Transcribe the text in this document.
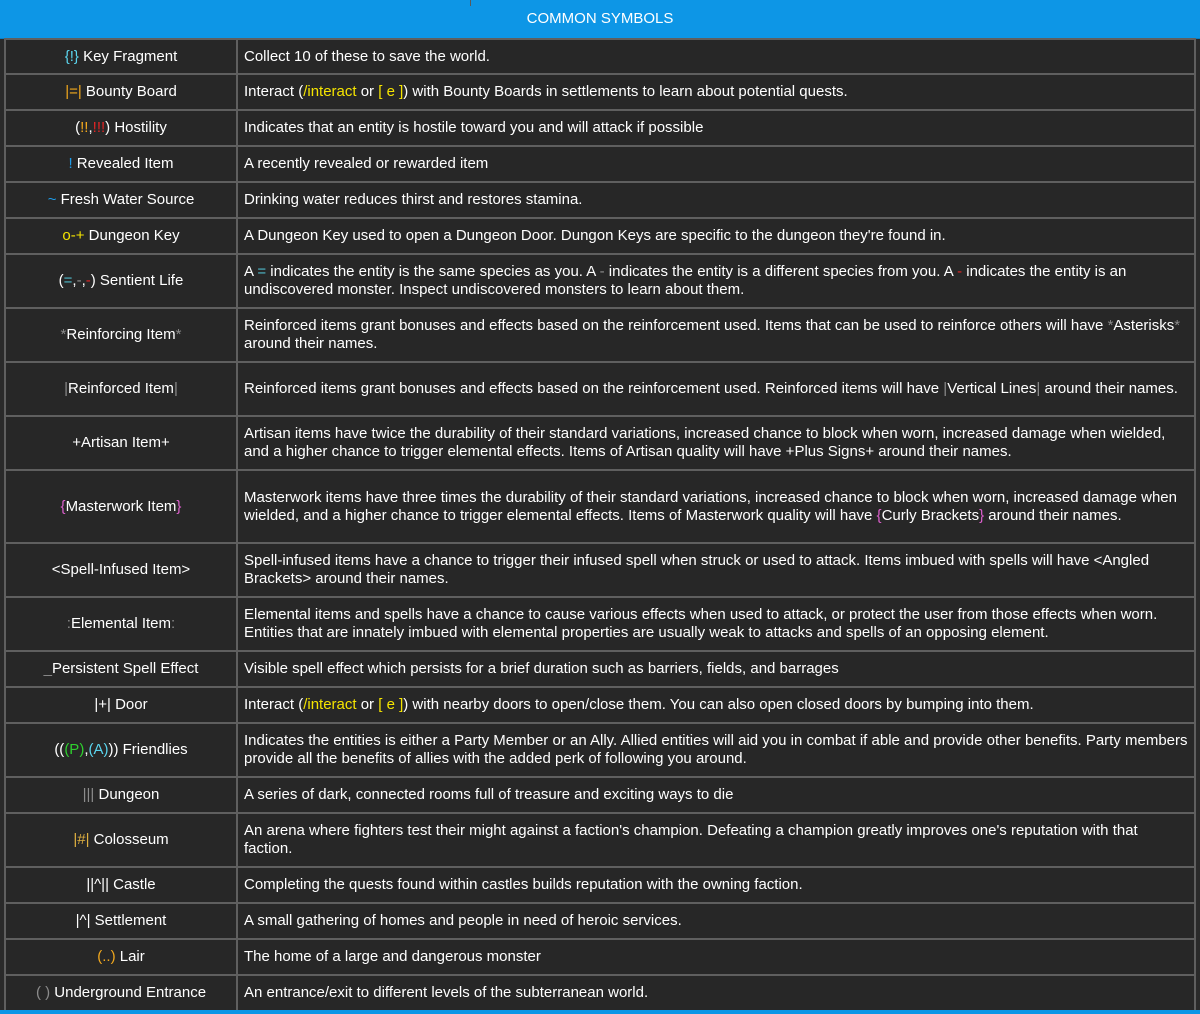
COMMON SYMBOLS
{!} Key Fragment	Collect 10 of these to save the world.
|=| Bounty Board	Interact (/interact or [ e ]) with Bounty Boards in settlements to learn about potential quests.
(!!,!!!) Hostility	Indicates that an entity is hostile toward you and will attack if possible
! Revealed Item	A recently revealed or rewarded item
~ Fresh Water Source	Drinking water reduces thirst and restores stamina.
o-+ Dungeon Key	A Dungeon Key used to open a Dungeon Door. Dungon Keys are specific to the dungeon they're found in.
(=,-,-) Sentient Life	A = indicates the entity is the same species as you. A - indicates the entity is a different species from you. A - indicates the entity is an undiscovered monster. Inspect undiscovered monsters to learn about them.
*Reinforcing Item*	Reinforced items grant bonuses and effects based on the reinforcement used. Items that can be used to reinforce others will have *Asterisks* around their names.
|Reinforced Item|	Reinforced items grant bonuses and effects based on the reinforcement used. Reinforced items will have |Vertical Lines| around their names.
+Artisan Item+	Artisan items have twice the durability of their standard variations, increased chance to block when worn, increased damage when wielded, and a higher chance to trigger elemental effects. Items of Artisan quality will have +Plus Signs+ around their names.
{Masterwork Item}	Masterwork items have three times the durability of their standard variations, increased chance to block when worn, increased damage when wielded, and a higher chance to trigger elemental effects. Items of Masterwork quality will have {Curly Brackets} around their names.
<Spell-Infused Item>	Spell-infused items have a chance to trigger their infused spell when struck or used to attack. Items imbued with spells will have <Angled Brackets> around their names.
:Elemental Item:	Elemental items and spells have a chance to cause various effects when used to attack, or protect the user from those effects when worn. Entities that are innately imbued with elemental properties are usually weak to attacks and spells of an opposing element.
_Persistent Spell Effect	Visible spell effect which persists for a brief duration such as barriers, fields, and barrages
|+| Door	Interact (/interact or [ e ]) with nearby doors to open/close them. You can also open closed doors by bumping into them.
(((P),(A))) Friendlies	Indicates the entities is either a Party Member or an Ally. Allied entities will aid you in combat if able and provide other benefits. Party members provide all the benefits of allies with the added perk of following you around.
||| Dungeon	A series of dark, connected rooms full of treasure and exciting ways to die
|#| Colosseum	An arena where fighters test their might against a faction's champion. Defeating a champion greatly improves one's reputation with that faction.
||^|| Castle	Completing the quests found within castles builds reputation with the owning faction.
|^| Settlement	A small gathering of homes and people in need of heroic services.
(..) Lair	The home of a large and dangerous monster
( ) Underground Entrance	An entrance/exit to different levels of the subterranean world.
